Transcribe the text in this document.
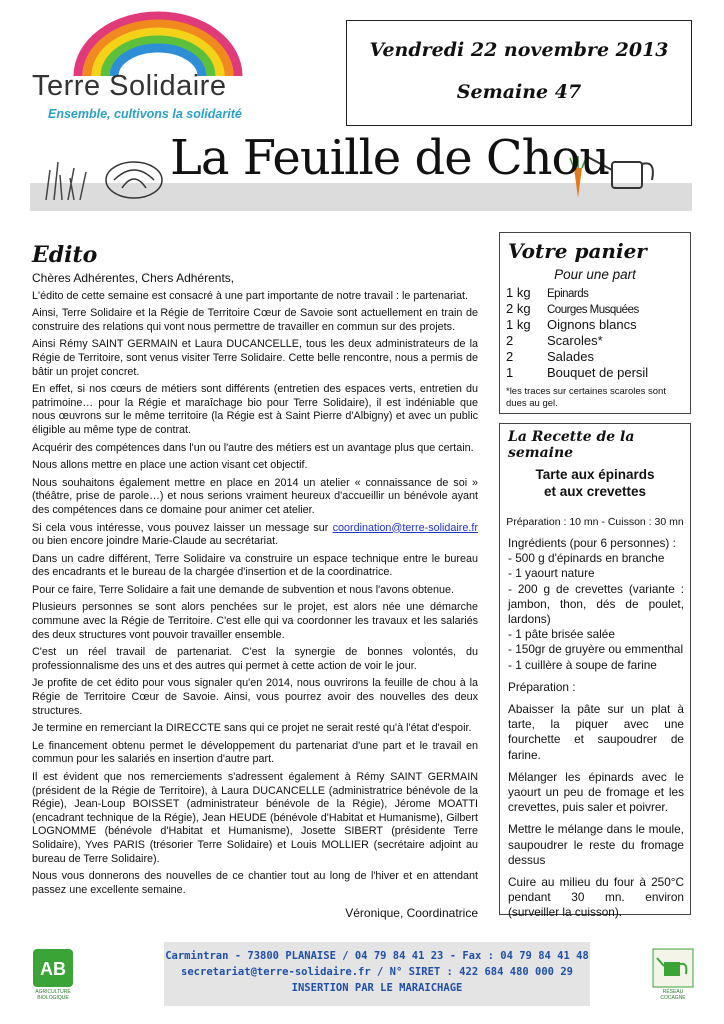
Terre Solidaire
Ensemble, cultivons la solidarité
Vendredi 22 novembre 2013
Semaine 47
La Feuille de Chou
Edito

Chères Adhérentes, Chers Adhérents,

L'édito de cette semaine est consacré à une part importante de notre travail : le partenariat.

Ainsi, Terre Solidaire et la Régie de Territoire Cœur de Savoie sont actuellement en train de construire des relations qui vont nous permettre de travailler en commun sur des projets.

Ainsi Rémy SAINT GERMAIN et Laura DUCANCELLE, tous les deux administrateurs de la Régie de Territoire, sont venus visiter Terre Solidaire. Cette belle rencontre, nous a permis de bâtir un projet concret.

En effet, si nos cœurs de métiers sont différents (entretien des espaces verts, entretien du patrimoine… pour la Régie et maraîchage bio pour Terre Solidaire), il est indéniable que nous œuvrons sur le même territoire (la Régie est à Saint Pierre d'Albigny) et avec un public éligible au même type de contrat.

Acquérir des compétences dans l'un ou l'autre des métiers est un avantage plus que certain.

Nous allons mettre en place une action visant cet objectif.

Nous souhaitons également mettre en place en 2014 un atelier « connaissance de soi » (théâtre, prise de parole…) et nous serions vraiment heureux d'accueillir un bénévole ayant des compétences dans ce domaine pour animer cet atelier.

Si cela vous intéresse, vous pouvez laisser un message sur coordination@terre-solidaire.fr ou bien encore joindre Marie-Claude au secrétariat.

Dans un cadre différent, Terre Solidaire va construire un espace technique entre le bureau des encadrants et le bureau de la chargée d'insertion et de la coordinatrice.

Pour ce faire, Terre Solidaire a fait une demande de subvention et nous l'avons obtenue.

Plusieurs personnes se sont alors penchées sur le projet, est alors née une démarche commune avec la Régie de Territoire. C'est elle qui va coordonner les travaux et les salariés des deux structures vont pouvoir travailler ensemble.

C'est un réel travail de partenariat. C'est la synergie de bonnes volontés, du professionnalisme des uns et des autres qui permet à cette action de voir le jour.

Je profite de cet édito pour vous signaler qu'en 2014, nous ouvrirons la feuille de chou à la Régie de Territoire Cœur de Savoie. Ainsi, vous pourrez avoir des nouvelles des deux structures.

Je termine en remerciant la DIRECCTE sans qui ce projet ne serait resté qu'à l'état d'espoir.

Le financement obtenu permet le développement du partenariat d'une part et le travail en commun pour les salariés en insertion d'autre part.

Il est évident que nos remerciements s'adressent également à Rémy SAINT GERMAIN (président de la Régie de Territoire), à Laura DUCANCELLE (administratrice bénévole de la Régie), Jean-Loup BOISSET (administrateur bénévole de la Régie), Jérome MOATTI (encadrant technique de la Régie), Jean HEUDE (bénévole d'Habitat et Humanisme), Gilbert LOGNOMME (bénévole d'Habitat et Humanisme), Josette SIBERT (présidente Terre Solidaire), Yves PARIS (trésorier Terre Solidaire) et Louis MOLLIER (secrétaire adjoint au bureau de Terre Solidaire).

Nous vous donnerons des nouvelles de ce chantier tout au long de l'hiver et en attendant passez une excellente semaine.

Véronique, Coordinatrice
Votre panier
Pour une part
1 kg Epinards
2 kg Courges Musquées
1 kg Oignons blancs
2	Scaroles*
2	Salades
1	Bouquet de persil
*les traces sur certaines scaroles sont dues au gel.
La Recette de la semaine
Tarte aux épinards
et aux crevettes
Préparation : 10 mn - Cuisson : 30 mn
Ingrédients (pour 6 personnes) :
- 500 g d'épinards en branche
- 1 yaourt nature
- 200 g de crevettes (variante : jambon, thon, dés de poulet, lardons)
- 1 pâte brisée salée
- 150gr de gruyère ou emmenthal
- 1 cuillère à soupe de farine

Préparation :

Abaisser la pâte sur un plat à tarte, la piquer avec une fourchette et saupoudrer de farine.

Mélanger les épinards avec le yaourt un peu de fromage et les crevettes, puis saler et poivrer.

Mettre le mélange dans le moule, saupoudrer le reste du fromage dessus

Cuire au milieu du four à 250°C pendant 30 mn. environ (surveiller la cuisson).

AB
AGRICULTURE BIOLOGIQUE
Carmintran - 73800 PLANAISE / 04 79 84 41 23 - Fax : 04 79 84 41 48
secretariat@terre-solidaire.fr / N° SIRET : 422 684 480 000 29
INSERTION PAR LE MARAICHAGE	RÉSEAU COCAGNE
